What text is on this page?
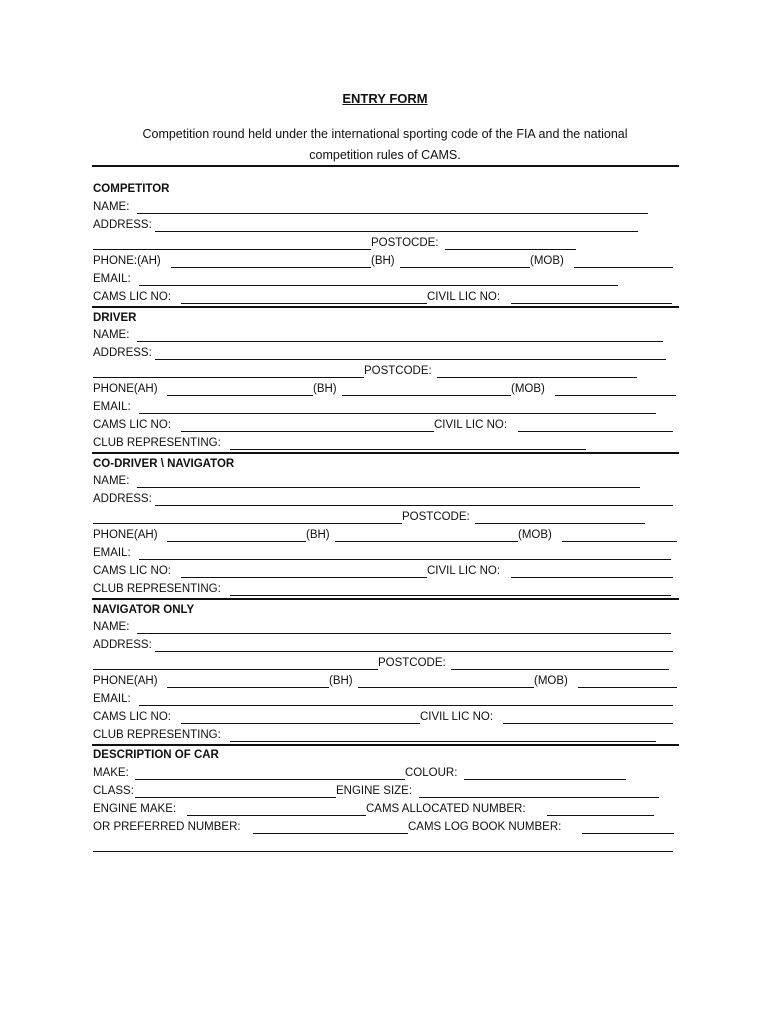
ENTRY FORM
Competition round held under the international sporting code of the FIA and the national
competition rules of CAMS.
COMPETITOR
NAME:
ADDRESS:
POSTOCDE:
PHONE:(AH)	(BH)	(MOB)
EMAIL:
CAMS LIC NO:	CIVIL LIC NO:
DRIVER
NAME:
ADDRESS:
POSTCODE:
PHONE(AH)	(BH)	(MOB)
EMAIL:
CAMS LIC NO:	CIVIL LIC NO:
CLUB REPRESENTING:
CO-DRIVER \ NAVIGATOR
NAME:
ADDRESS:
POSTCODE:
PHONE(AH)	(BH)	(MOB)
EMAIL:
CAMS LIC NO:	CIVIL LIC NO:
CLUB REPRESENTING:
NAVIGATOR ONLY
NAME:
ADDRESS:
POSTCODE:
PHONE(AH)	(BH)	(MOB)
EMAIL:
CAMS LIC NO:	CIVIL LIC NO:
CLUB REPRESENTING:
DESCRIPTION OF CAR
MAKE:	COLOUR:
CLASS:	ENGINE SIZE:
ENGINE MAKE:	CAMS ALLOCATED NUMBER:
OR PREFERRED NUMBER:	CAMS LOG BOOK NUMBER:
